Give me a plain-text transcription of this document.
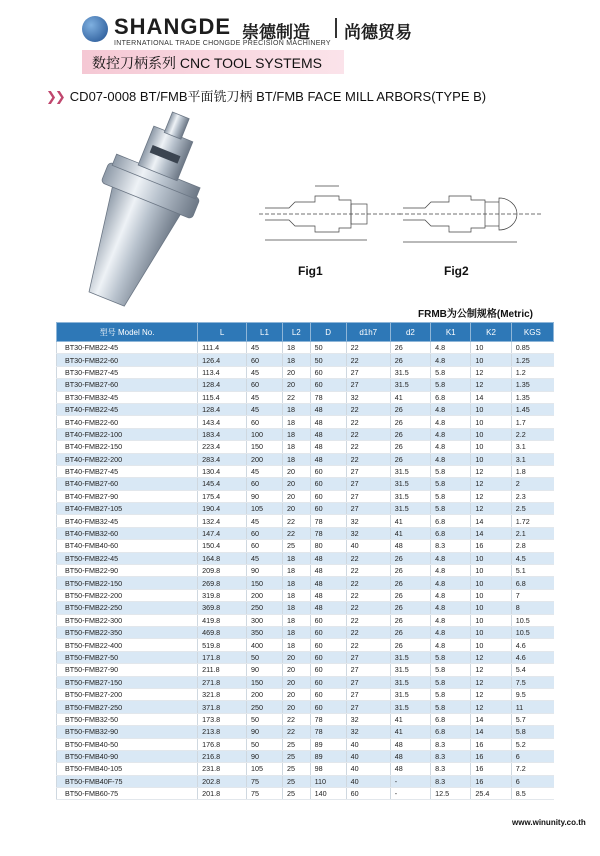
SHANGDE 崇德制造 尚德贸易
INTERNATIONAL TRADE CHONGDE PRECISION MACHINERY
数控刀柄系列 CNC TOOL SYSTEMS
❯❯ CD07-0008 BT/FMB平面铣刀柄 BT/FMB FACE MILL ARBORS(TYPE B)
Fig1	Fig2
FRMB为公制规格(Metric)
型号 Model No.	L	L1	L2	D	d1h7	d2	K1	K2	KGS
BT30-FMB22-45	111.4	45	18	50	22	26	4.8	10	0.85
BT30-FMB22-60	126.4	60	18	50	22	26	4.8	10	1.25
BT30-FMB27-45	113.4	45	20	60	27	31.5	5.8	12	1.2
BT30-FMB27-60	128.4	60	20	60	27	31.5	5.8	12	1.35
BT30-FMB32-45	115.4	45	22	78	32	41	6.8	14	1.35
BT40-FMB22-45	128.4	45	18	48	22	26	4.8	10	1.45
BT40-FMB22-60	143.4	60	18	48	22	26	4.8	10	1.7
BT40-FMB22-100	183.4	100	18	48	22	26	4.8	10	2.2
BT40-FMB22-150	223.4	150	18	48	22	26	4.8	10	3.1
BT40-FMB22-200	283.4	200	18	48	22	26	4.8	10	3.1
BT40-FMB27-45	130.4	45	20	60	27	31.5	5.8	12	1.8
BT40-FMB27-60	145.4	60	20	60	27	31.5	5.8	12	2
BT40-FMB27-90	175.4	90	20	60	27	31.5	5.8	12	2.3
BT40-FMB27-105	190.4	105	20	60	27	31.5	5.8	12	2.5
BT40-FMB32-45	132.4	45	22	78	32	41	6.8	14	1.72
BT40-FMB32-60	147.4	60	22	78	32	41	6.8	14	2.1
BT40-FMB40-60	150.4	60	25	80	40	48	8.3	16	2.8
BT50-FMB22-45	164.8	45	18	48	22	26	4.8	10	4.5
BT50-FMB22-90	209.8	90	18	48	22	26	4.8	10	5.1
BT50-FMB22-150	269.8	150	18	48	22	26	4.8	10	6.8
BT50-FMB22-200	319.8	200	18	48	22	26	4.8	10	7
BT50-FMB22-250	369.8	250	18	48	22	26	4.8	10	8
BT50-FMB22-300	419.8	300	18	60	22	26	4.8	10	10.5
BT50-FMB22-350	469.8	350	18	60	22	26	4.8	10	10.5
BT50-FMB22-400	519.8	400	18	60	22	26	4.8	10	4.6
BT50-FMB27-50	171.8	50	20	60	27	31.5	5.8	12	4.6
BT50-FMB27-90	211.8	90	20	60	27	31.5	5.8	12	5.4
BT50-FMB27-150	271.8	150	20	60	27	31.5	5.8	12	7.5
BT50-FMB27-200	321.8	200	20	60	27	31.5	5.8	12	9.5
BT50-FMB27-250	371.8	250	20	60	27	31.5	5.8	12	11
BT50-FMB32-50	173.8	50	22	78	32	41	6.8	14	5.7
BT50-FMB32-90	213.8	90	22	78	32	41	6.8	14	5.8
BT50-FMB40-50	176.8	50	25	89	40	48	8.3	16	5.2
BT50-FMB40-90	216.8	90	25	89	40	48	8.3	16	6
BT50-FMB40-105	231.8	105	25	98	40	48	8.3	16	7.2
BT50-FMB40F-75	202.8	75	25	110	40	-	8.3	16	6
BT50-FMB60-75	201.8	75	25	140	60	-	12.5	25.4	8.5
www.winunity.co.th
